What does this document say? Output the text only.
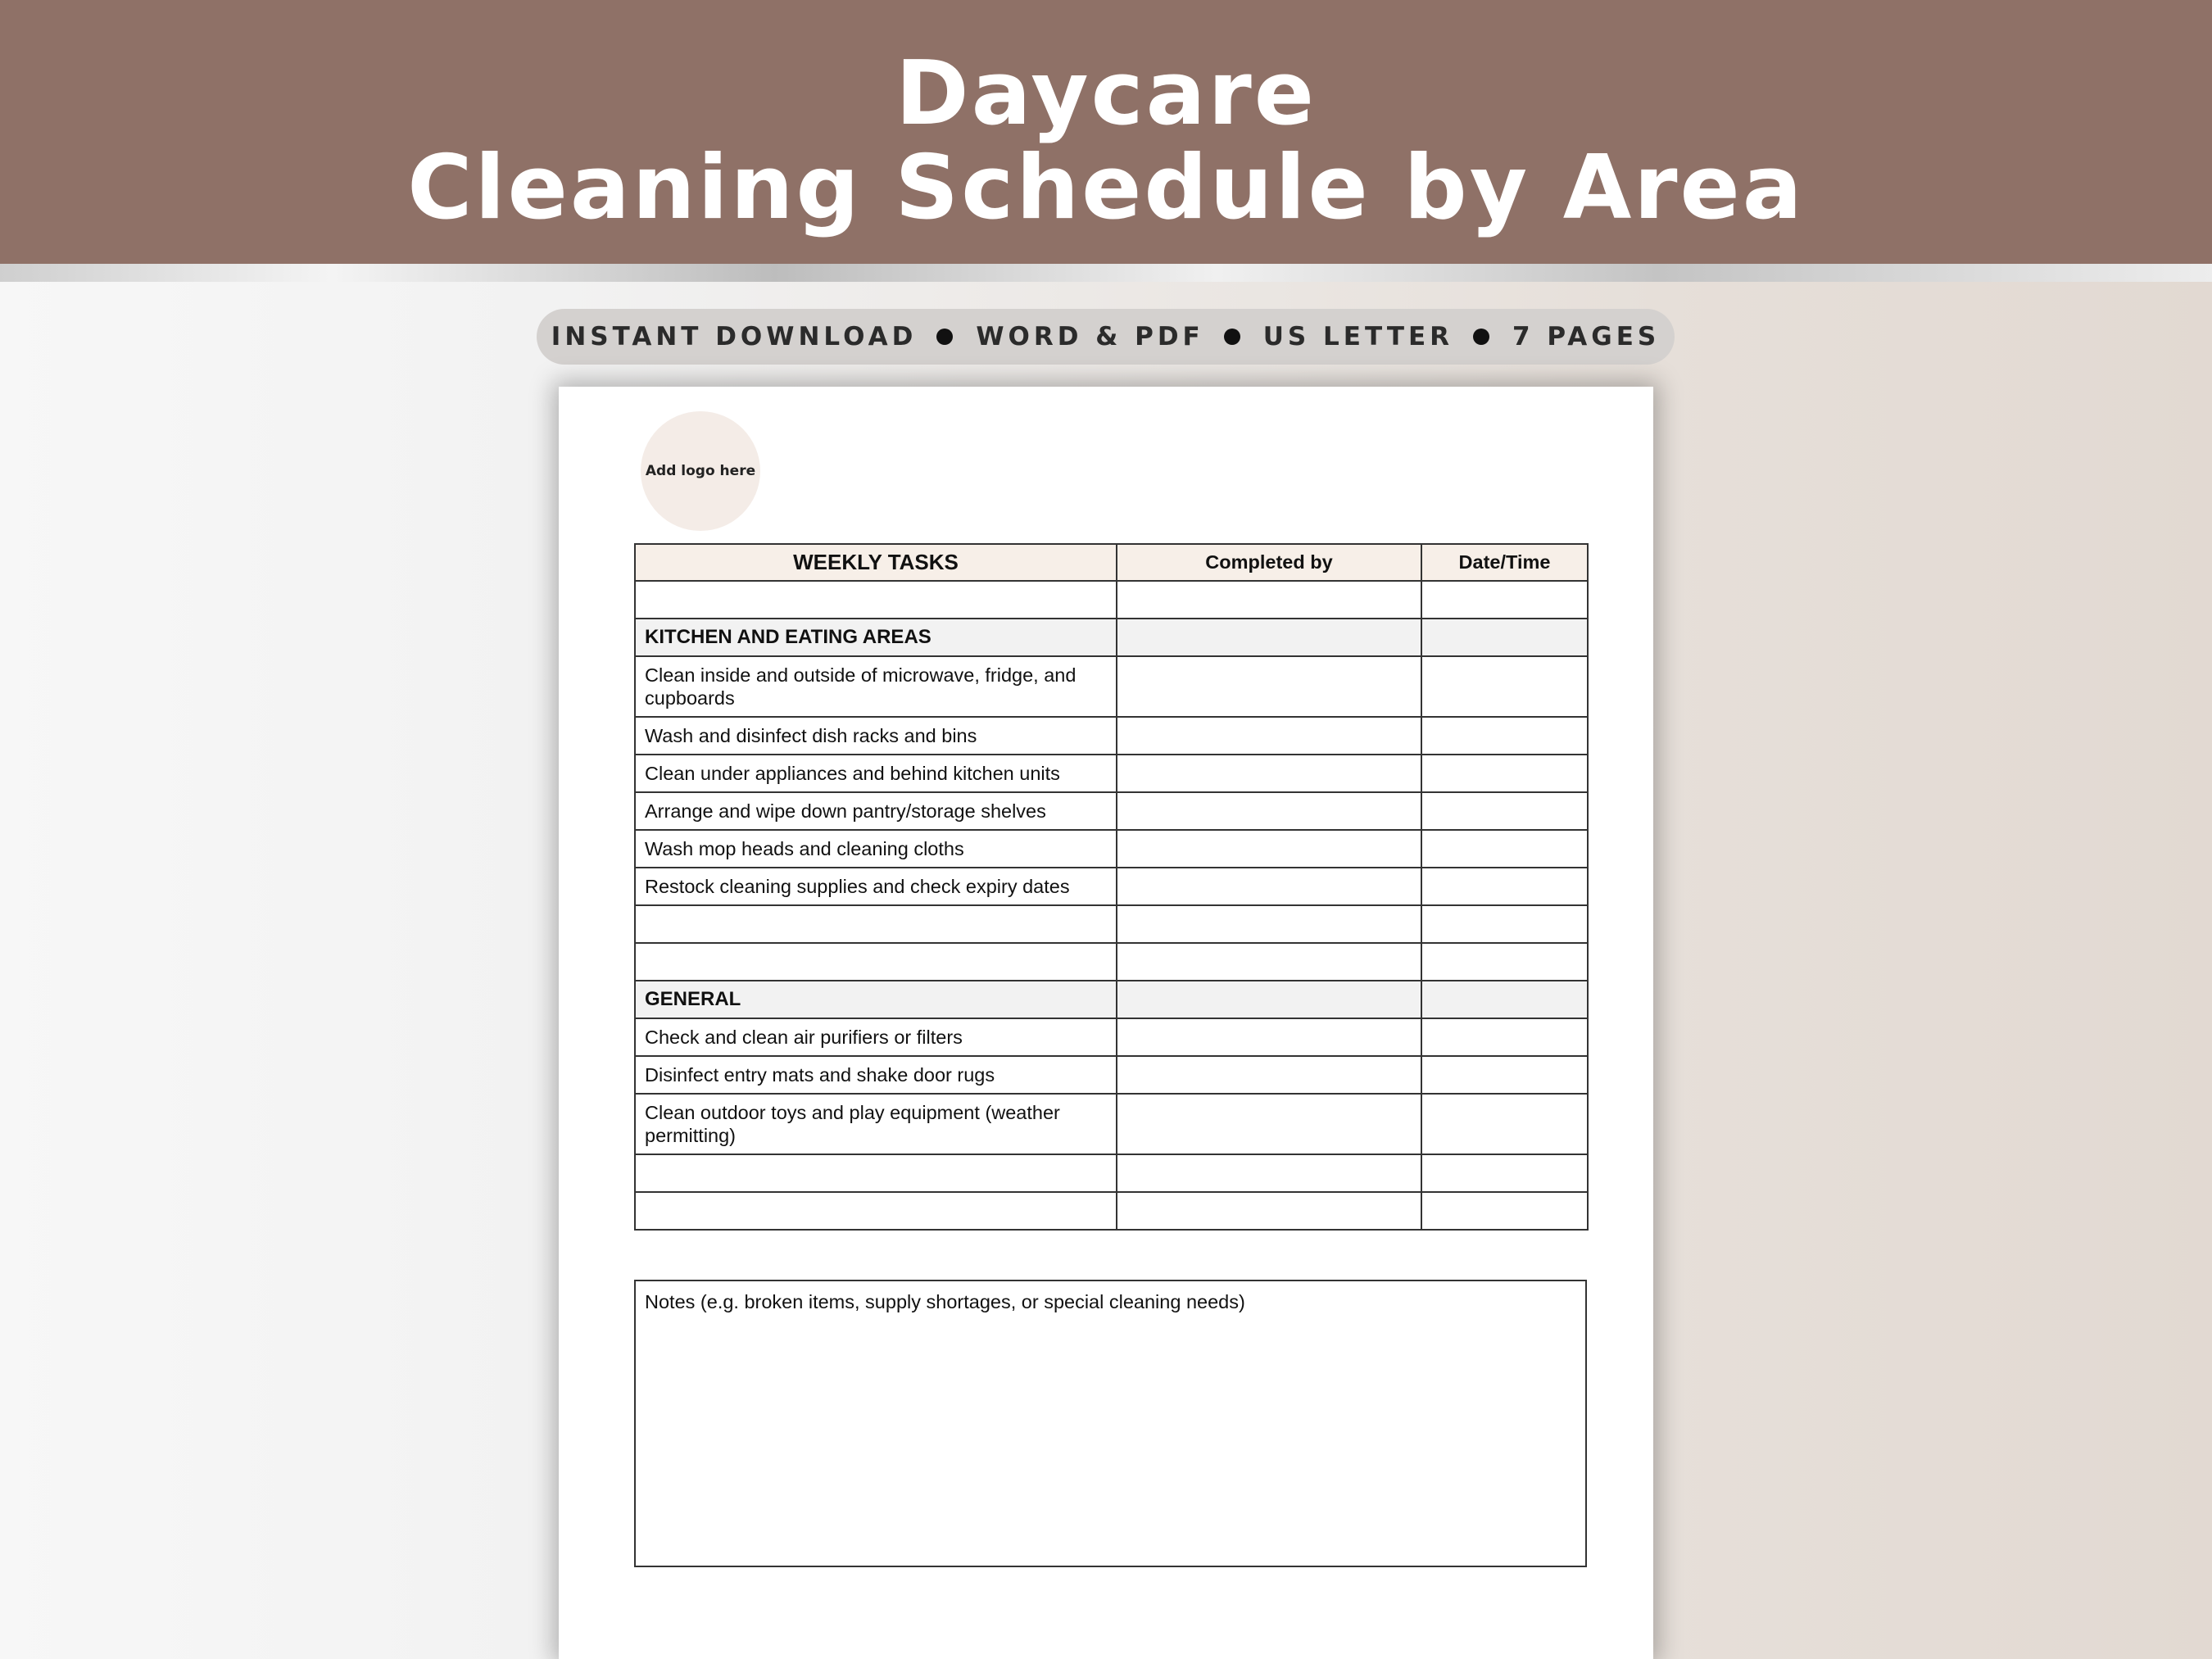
Daycare
Cleaning Schedule by Area
INSTANT DOWNLOAD WORD & PDF US LETTER 7 PAGES
Add logo here
WEEKLY TASKS	Completed by	Date/Time

KITCHEN AND EATING AREAS		
Clean inside and outside of microwave, fridge, and cupboards		
Wash and disinfect dish racks and bins		
Clean under appliances and behind kitchen units		
Arrange and wipe down pantry/storage shelves		
Wash mop heads and cleaning cloths		
Restock cleaning supplies and check expiry dates		

GENERAL		
Check and clean air purifiers or filters		
Disinfect entry mats and shake door rugs		
Clean outdoor toys and play equipment (weather permitting)		

Notes (e.g. broken items, supply shortages, or special cleaning needs)
